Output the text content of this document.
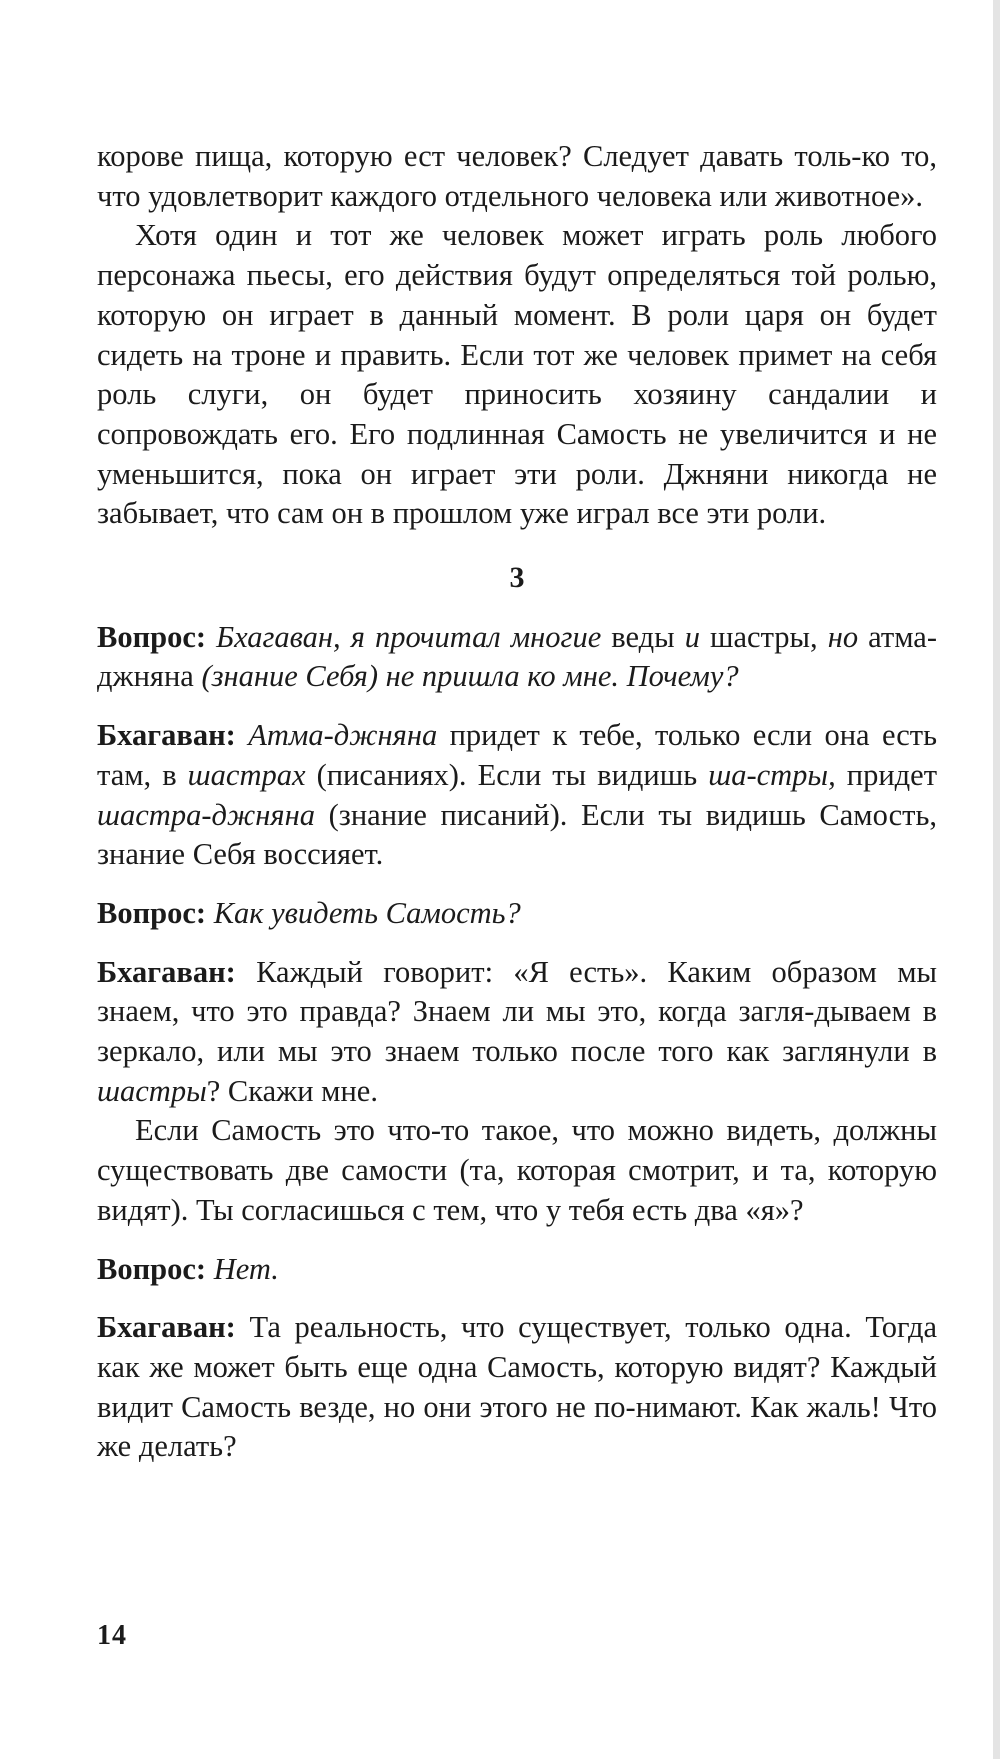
корове пища, которую ест человек? Следует давать толь-ко то, что удовлетворит каждого отдельного человека или животное».

Хотя один и тот же человек может играть роль любого персонажа пьесы, его действия будут определяться той ролью, которую он играет в данный момент. В роли царя он будет сидеть на троне и править. Если тот же человек примет на себя роль слуги, он будет приносить хозяину сандалии и сопровождать его. Его подлинная Самость не увеличится и не уменьшится, пока он играет эти роли. Джняни никогда не забывает, что сам он в прошлом уже играл все эти роли.

3

Вопрос: Бхагаван, я прочитал многие веды и шастры, но атма-джняна (знание Себя) не пришла ко мне. Почему?

Бхагаван: Атма-джняна придет к тебе, только если она есть там, в шастрах (писаниях). Если ты видишь ша-стры, придет шастра-джняна (знание писаний). Если ты видишь Самость, знание Себя воссияет.

Вопрос: Как увидеть Самость?

Бхагаван: Каждый говорит: «Я есть». Каким образом мы знаем, что это правда? Знаем ли мы это, когда загля-дываем в зеркало, или мы это знаем только после того как заглянули в шастры? Скажи мне.

Если Самость это что-то такое, что можно видеть, должны существовать две самости (та, которая смотрит, и та, которую видят). Ты согласишься с тем, что у тебя есть два «я»?

Вопрос: Нет.

Бхагаван: Та реальность, что существует, только одна. Тогда как же может быть еще одна Самость, которую видят? Каждый видит Самость везде, но они этого не по-нимают. Как жаль! Что же делать?

14
